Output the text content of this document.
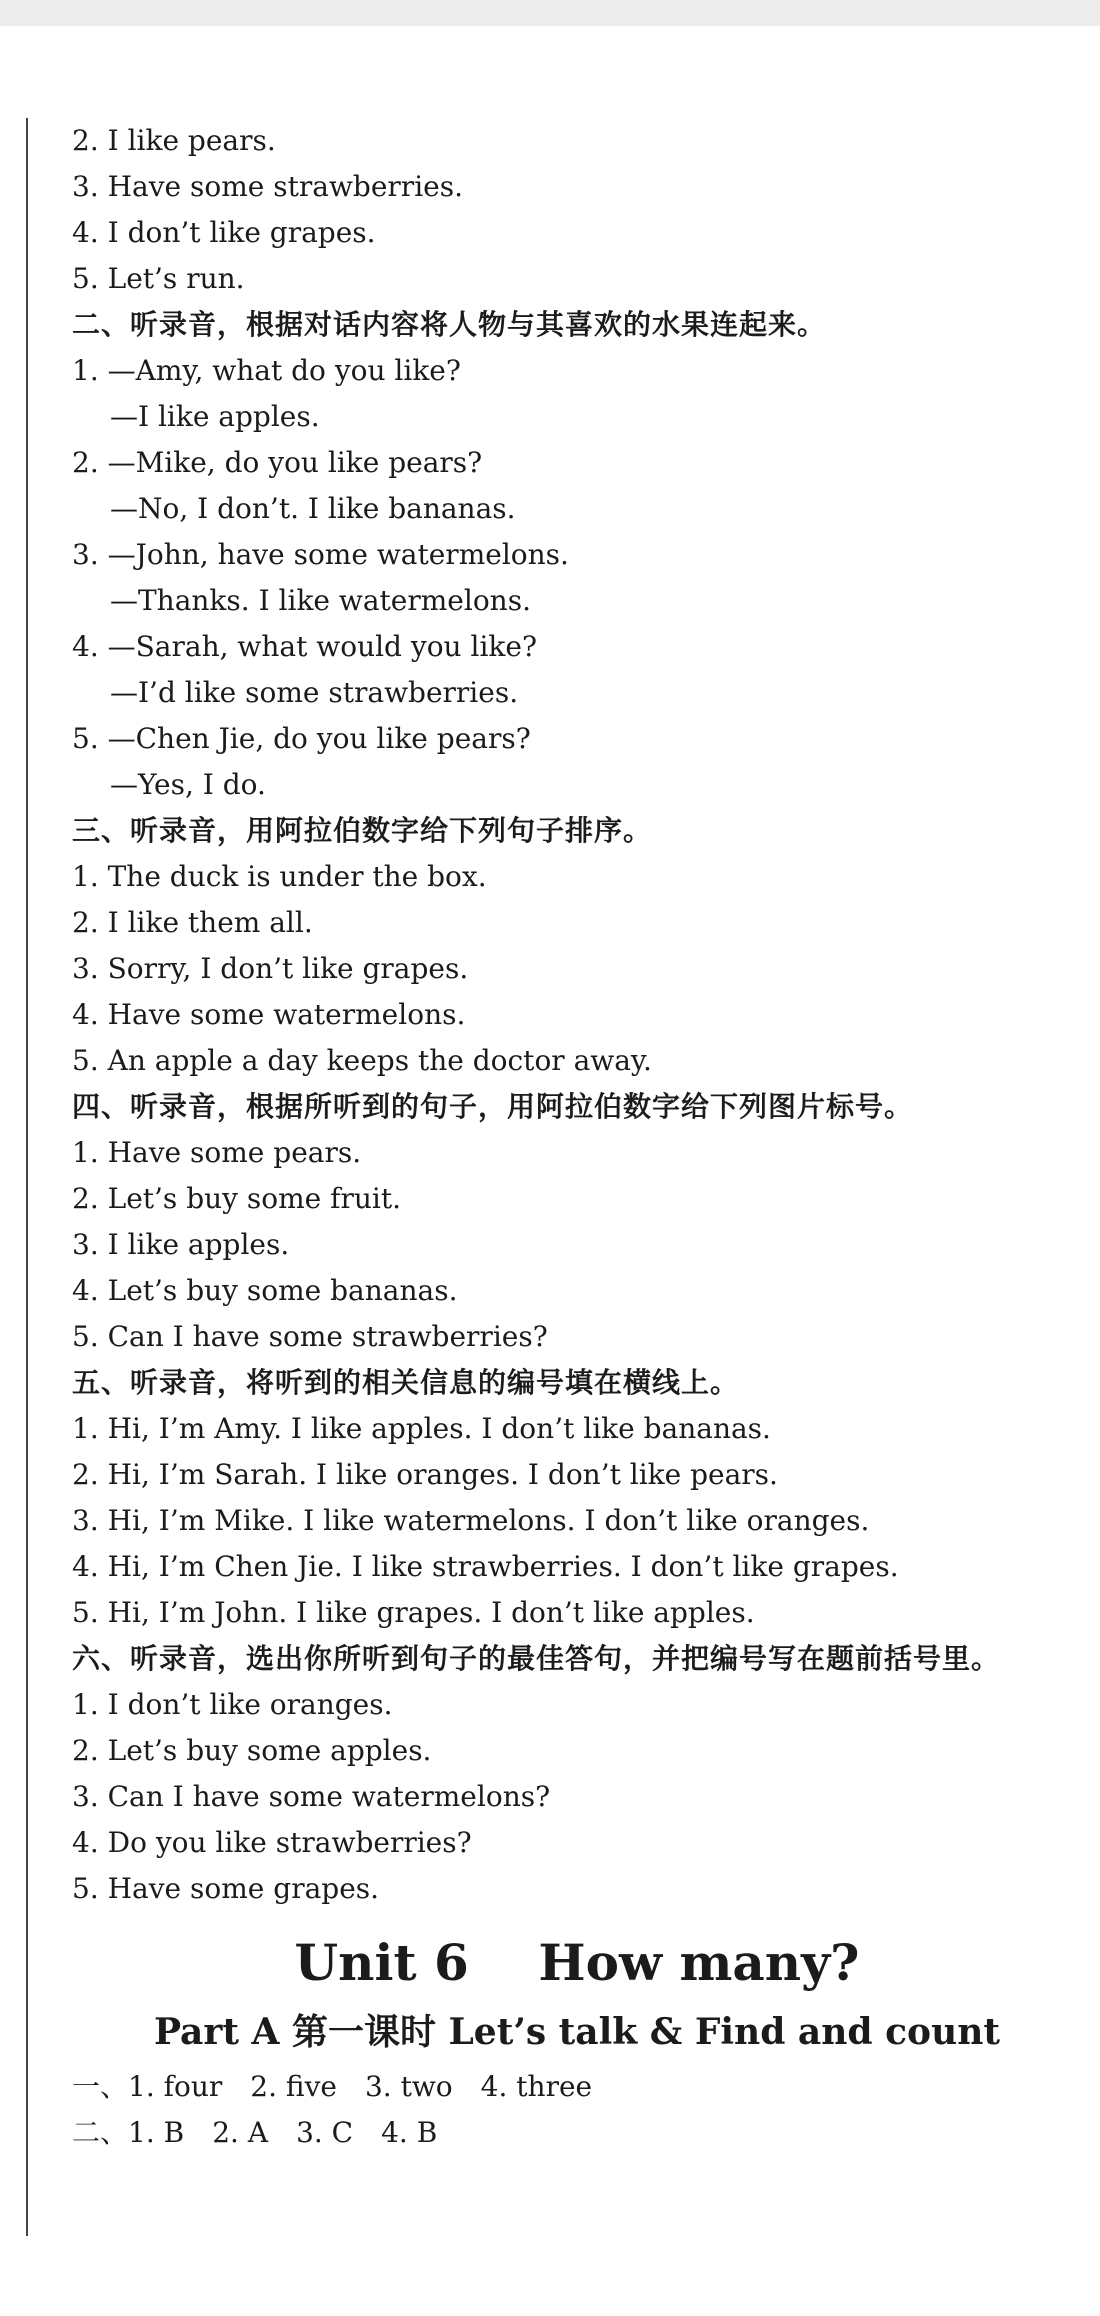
2. I like pears.
3. Have some strawberries.
4. I don’t like grapes.
5. Let’s run.
二、听录音，根据对话内容将人物与其喜欢的水果连起来。
1. —Amy, what do you like?
—I like apples.
2. —Mike, do you like pears?
—No, I don’t. I like bananas.
3. —John, have some watermelons.
—Thanks. I like watermelons.
4. —Sarah, what would you like?
—I’d like some strawberries.
5. —Chen Jie, do you like pears?
—Yes, I do.
三、听录音，用阿拉伯数字给下列句子排序。
1. The duck is under the box.
2. I like them all.
3. Sorry, I don’t like grapes.
4. Have some watermelons.
5. An apple a day keeps the doctor away.
四、听录音，根据所听到的句子，用阿拉伯数字给下列图片标号。
1. Have some pears.
2. Let’s buy some fruit.
3. I like apples.
4. Let’s buy some bananas.
5. Can I have some strawberries?
五、听录音，将听到的相关信息的编号填在横线上。
1. Hi, I’m Amy. I like apples. I don’t like bananas.
2. Hi, I’m Sarah. I like oranges. I don’t like pears.
3. Hi, I’m Mike. I like watermelons. I don’t like oranges.
4. Hi, I’m Chen Jie. I like strawberries. I don’t like grapes.
5. Hi, I’m John. I like grapes. I don’t like apples.
六、听录音，选出你所听到句子的最佳答句，并把编号写在题前括号里。
1. I don’t like oranges.
2. Let’s buy some apples.
3. Can I have some watermelons?
4. Do you like strawberries?
5. Have some grapes.
Unit 6    How many?
Part A 第一课时 Let’s talk & Find and count
一、1. four 2. five 3. two 4. three
二、1. B 2. A 3. C 4. B
